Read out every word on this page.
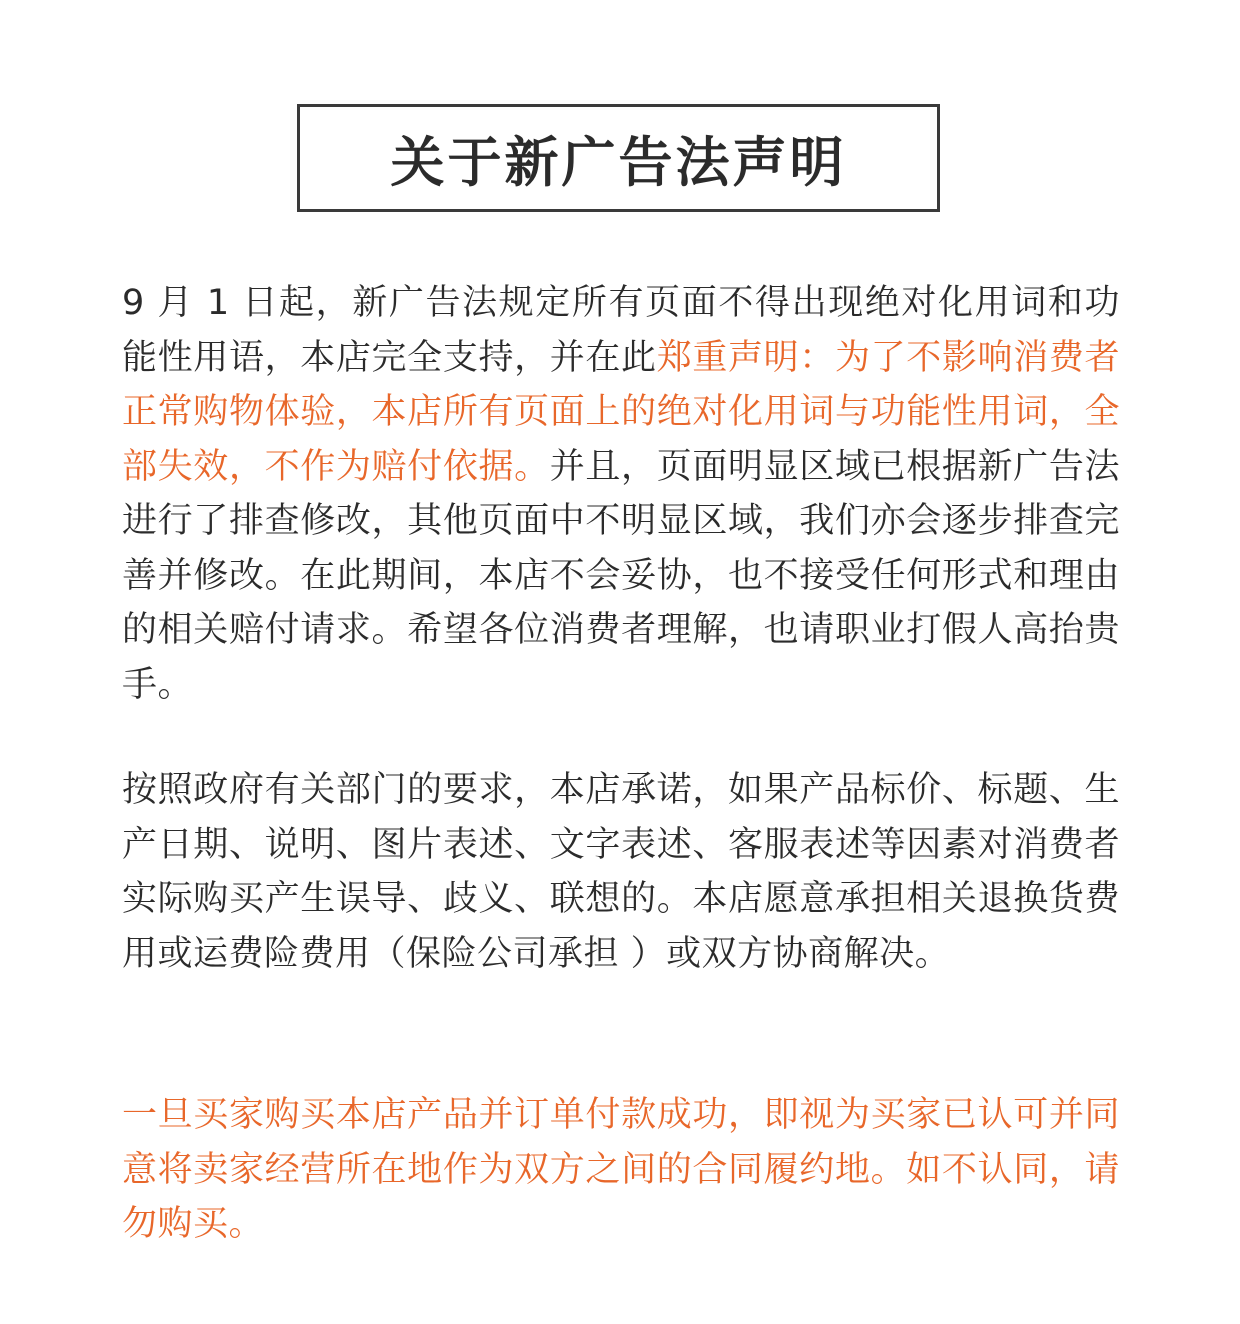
关于新广告法声明

9 月 1 日起，新广告法规定所有页面不得出现绝对化用词和功能性用语，本店完全支持，并在此郑重声明：为了不影响消费者正常购物体验，本店所有页面上的绝对化用词与功能性用词，全部失效，不作为赔付依据。并且，页面明显区域已根据新广告法进行了排查修改，其他页面中不明显区域，我们亦会逐步排查完善并修改。在此期间，本店不会妥协，也不接受任何形式和理由的相关赔付请求。希望各位消费者理解，也请职业打假人高抬贵手。

按照政府有关部门的要求，本店承诺，如果产品标价、标题、生产日期、说明、图片表述、文字表述、客服表述等因素对消费者实际购买产生误导、歧义、联想的。本店愿意承担相关退换货费用或运费险费用（保险公司承担 ）或双方协商解决。

一旦买家购买本店产品并订单付款成功，即视为买家已认可并同意将卖家经营所在地作为双方之间的合同履约地。如不认同，请勿购买。
